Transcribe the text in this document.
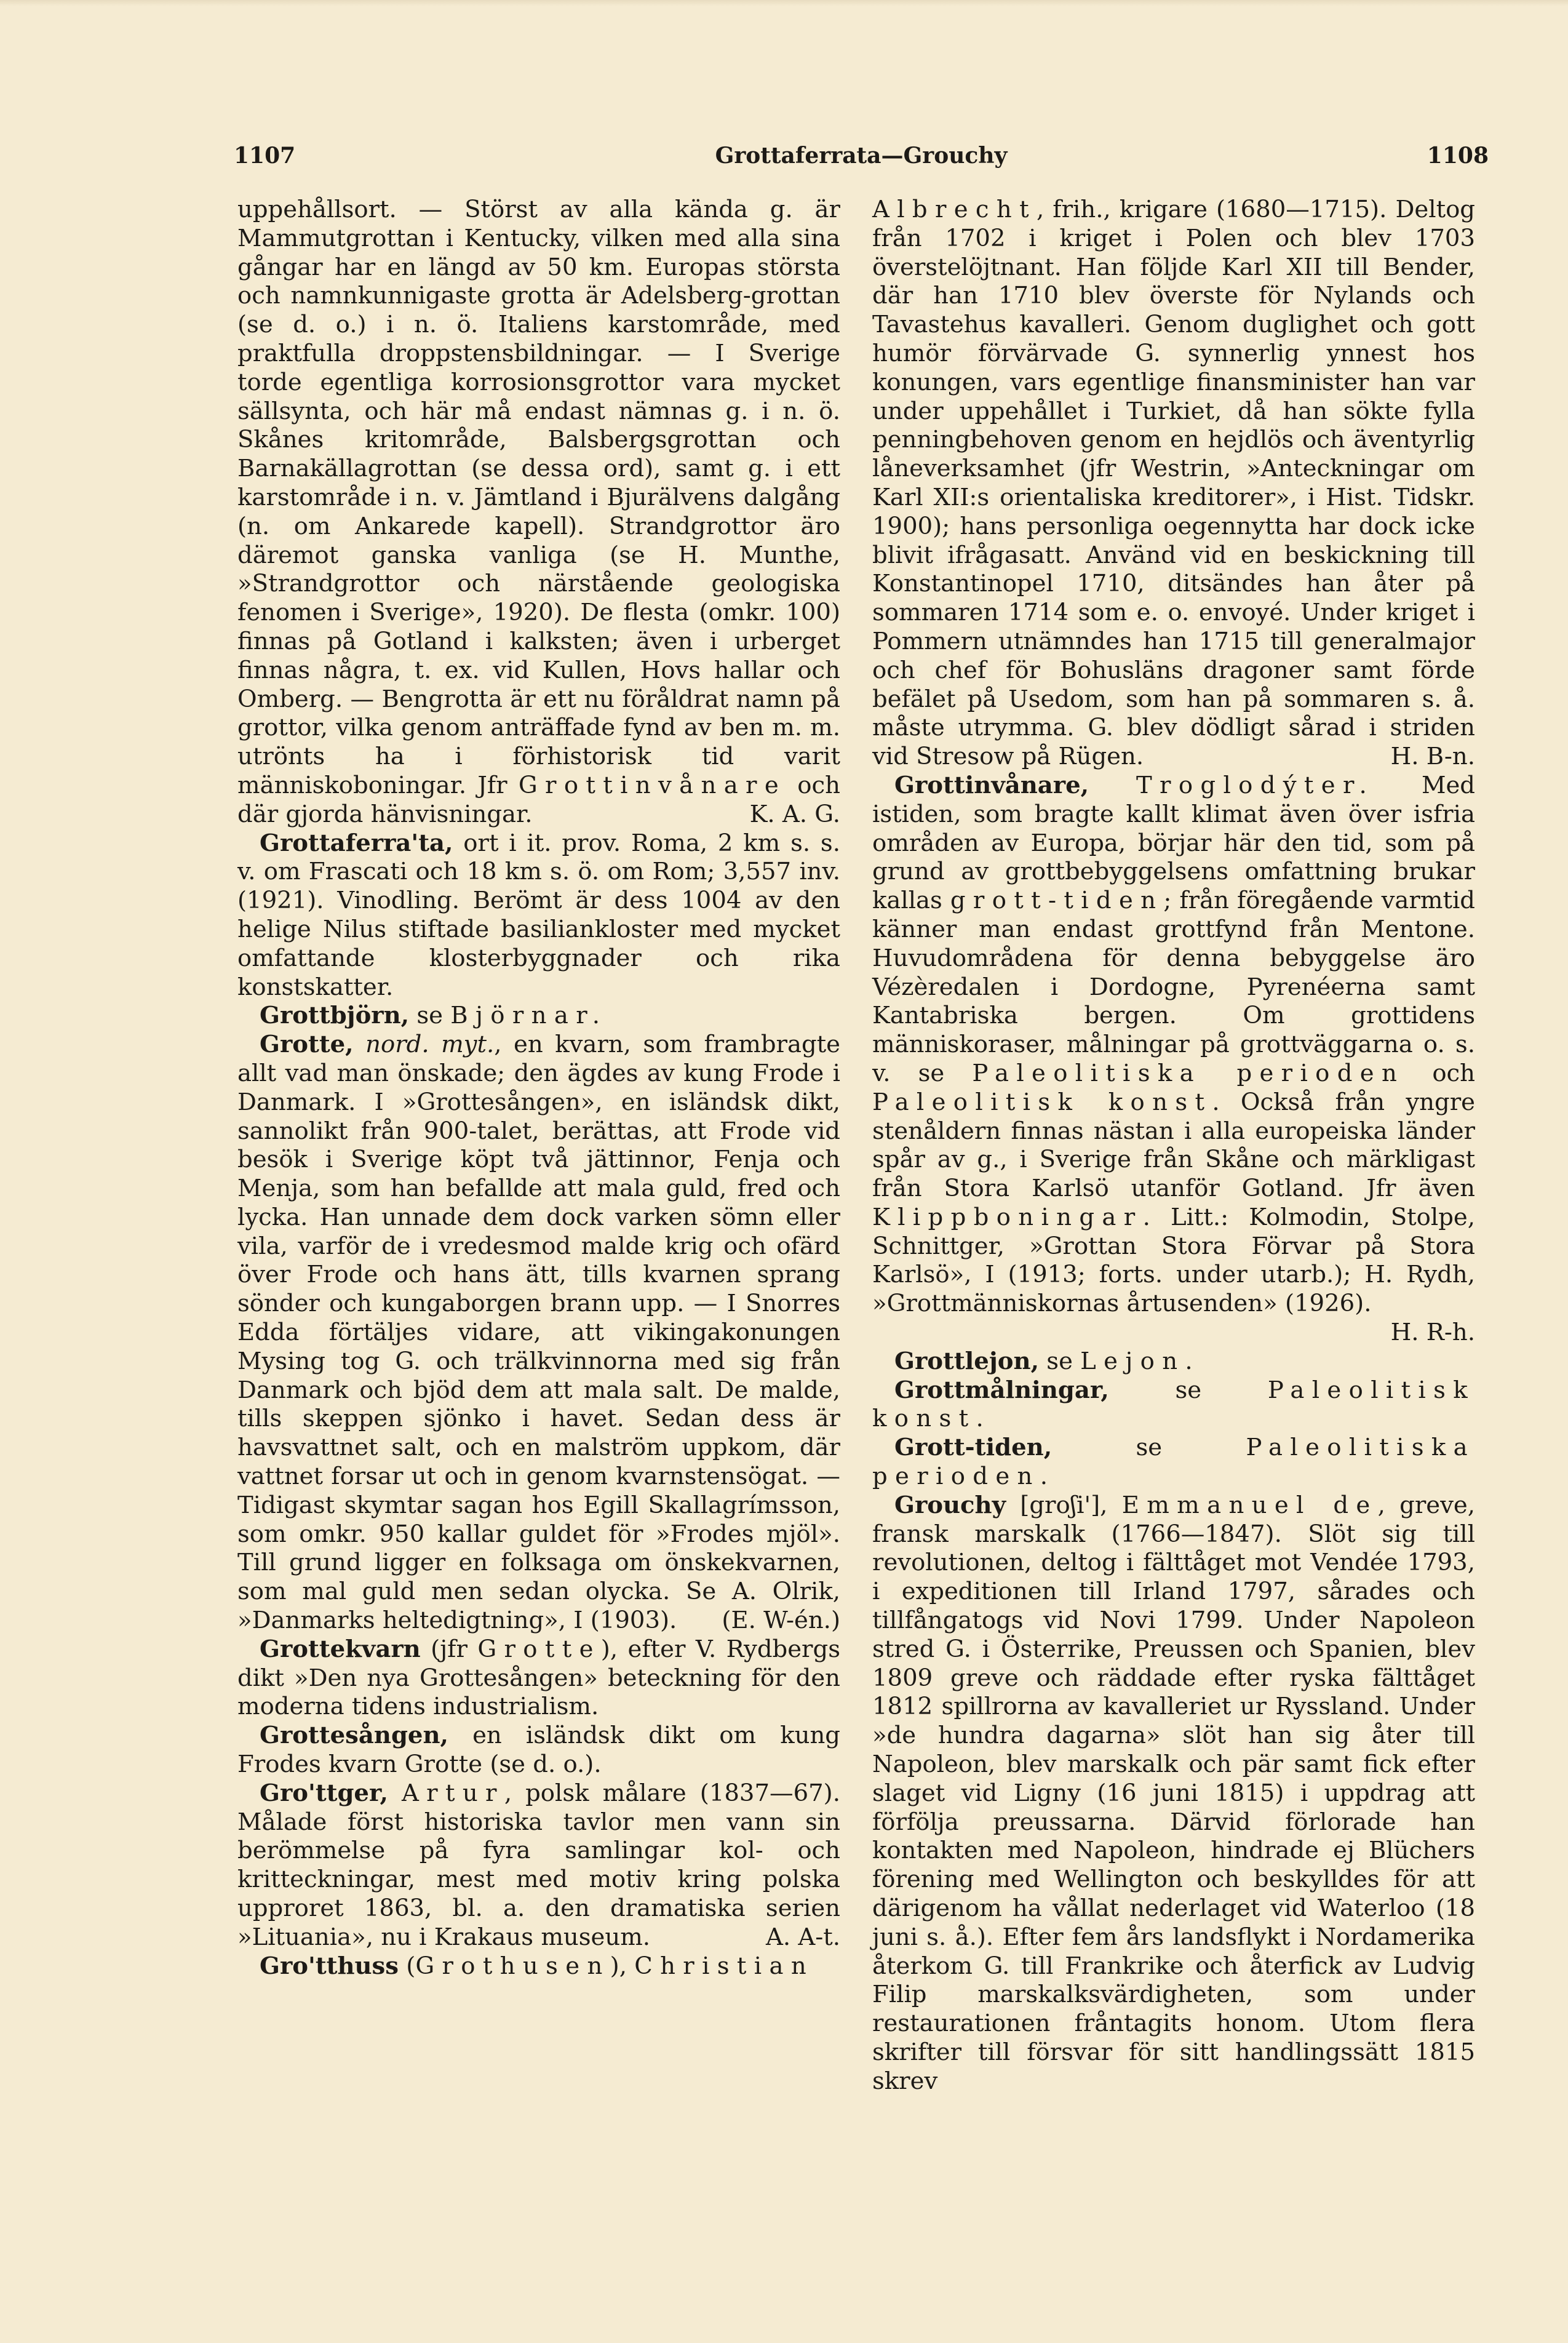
1107	Grottaferrata—Grouchy	1108

uppehållsort. — Störst av alla kända g. är Mammutgrottan i Kentucky, vilken med alla sina gångar har en längd av 50 km. Europas största och namnkunnigaste grotta är Adelsberg-grottan (se d. o.) i n. ö. Italiens karstområde, med praktfulla droppstensbildningar. — I Sverige torde egentliga korrosionsgrottor vara mycket sällsynta, och här må endast nämnas g. i n. ö. Skånes kritområde, Balsbergsgrottan och Barnakällagrottan (se dessa ord), samt g. i ett karstområde i n. v. Jämtland i Bjurälvens dalgång (n. om Ankarede kapell). Strandgrottor äro däremot ganska vanliga (se H. Munthe, »Strandgrottor och närstående geologiska fenomen i Sverige», 1920). De flesta (omkr. 100) finnas på Gotland i kalksten; även i urberget finnas några, t. ex. vid Kullen, Hovs hallar och Omberg. — Bengrotta är ett nu föråldrat namn på grottor, vilka genom anträffade fynd av ben m. m. utrönts ha i förhistorisk tid varit människoboningar. Jfr Grottinvånare och där gjorda hänvisningar.	K. A. G.

Grottaferra'ta, ort i it. prov. Roma, 2 km s. s. v. om Frascati och 18 km s. ö. om Rom; 3,557 inv. (1921). Vinodling. Berömt är dess 1004 av den helige Nilus stiftade basiliankloster med mycket omfattande klosterbyggnader och rika konstskatter.

Grottbjörn, se Björnar.

Grotte, nord. myt., en kvarn, som frambragte allt vad man önskade; den ägdes av kung Frode i Danmark. I »Grottesången», en isländsk dikt, sannolikt från 900-talet, berättas, att Frode vid besök i Sverige köpt två jättinnor, Fenja och Menja, som han befallde att mala guld, fred och lycka. Han unnade dem dock varken sömn eller vila, varför de i vredesmod malde krig och ofärd över Frode och hans ätt, tills kvarnen sprang sönder och kungaborgen brann upp. — I Snorres Edda förtäljes vidare, att vikingakonungen Mysing tog G. och trälkvinnorna med sig från Danmark och bjöd dem att mala salt. De malde, tills skeppen sjönko i havet. Sedan dess är havsvattnet salt, och en malström uppkom, där vattnet forsar ut och in genom kvarnstensögat. — Tidigast skymtar sagan hos Egill Skallagrímsson, som omkr. 950 kallar guldet för »Frodes mjöl». Till grund ligger en folksaga om önskekvarnen, som mal guld men sedan olycka. Se A. Olrik, »Danmarks heltedigtning», I (1903).	(E. W-én.)

Grottekvarn (jfr Grotte), efter V. Rydbergs dikt »Den nya Grottesången» beteckning för den moderna tidens industrialism.

Grottesången, en isländsk dikt om kung Frodes kvarn Grotte (se d. o.).

Gro'ttger, Artur, polsk målare (1837—67). Målade först historiska tavlor men vann sin berömmelse på fyra samlingar kol- och kritteckningar, mest med motiv kring polska upproret 1863, bl. a. den dramatiska serien »Lituania», nu i Krakaus museum.	A. A-t.

Gro'tthuss (Grothusen), Christian

Albrecht, frih., krigare (1680—1715). Deltog från 1702 i kriget i Polen och blev 1703 överstelöjtnant. Han följde Karl XII till Bender, där han 1710 blev överste för Nylands och Tavastehus kavalleri. Genom duglighet och gott humör förvärvade G. synnerlig ynnest hos konungen, vars egentlige finansminister han var under uppehållet i Turkiet, då han sökte fylla penningbehoven genom en hejdlös och äventyrlig låneverksamhet (jfr Westrin, »Anteckningar om Karl XII:s orientaliska kreditorer», i Hist. Tidskr. 1900); hans personliga oegennytta har dock icke blivit ifrågasatt. Använd vid en beskickning till Konstantinopel 1710, ditsändes han åter på sommaren 1714 som e. o. envoyé. Under kriget i Pommern utnämndes han 1715 till generalmajor och chef för Bohusläns dragoner samt förde befälet på Usedom, som han på sommaren s. å. måste utrymma. G. blev dödligt sårad i striden vid Stresow på Rügen.	H. B-n.

Grottinvånare, Troglodýter. Med istiden, som bragte kallt klimat även över isfria områden av Europa, börjar här den tid, som på grund av grottbebyggelsens omfattning brukar kallas grott-tiden; från föregående varmtid känner man endast grottfynd från Mentone. Huvudområdena för denna bebyggelse äro Vézèredalen i Dordogne, Pyrenéerna samt Kantabriska bergen. Om grottidens människoraser, målningar på grottväggarna o. s. v. se Paleolitiska perioden och Paleolitisk konst. Också från yngre stenåldern finnas nästan i alla europeiska länder spår av g., i Sverige från Skåne och märkligast från Stora Karlsö utanför Gotland. Jfr även Klippboningar. Litt.: Kolmodin, Stolpe, Schnittger, »Grottan Stora Förvar på Stora Karlsö», I (1913; forts. under utarb.); H. Rydh, »Grottmänniskornas årtusenden» (1926).
H. R-h.

Grottlejon, se Lejon.

Grottmålningar, se Paleolitisk konst.

Grott-tiden, se Paleolitiska perioden.

Grouchy [groʃi'], Emmanuel de, greve, fransk marskalk (1766—1847). Slöt sig till revolutionen, deltog i fälttåget mot Vendée 1793, i expeditionen till Irland 1797, sårades och tillfångatogs vid Novi 1799. Under Napoleon stred G. i Österrike, Preussen och Spanien, blev 1809 greve och räddade efter ryska fälttåget 1812 spillrorna av kavalleriet ur Ryssland. Under »de hundra dagarna» slöt han sig åter till Napoleon, blev marskalk och pär samt fick efter slaget vid Ligny (16 juni 1815) i uppdrag att förfölja preussarna. Därvid förlorade han kontakten med Napoleon, hindrade ej Blüchers förening med Wellington och beskylldes för att därigenom ha vållat nederlaget vid Waterloo (18 juni s. å.). Efter fem års landsflykt i Nordamerika återkom G. till Frankrike och återfick av Ludvig Filip marskalksvärdigheten, som under restaurationen fråntagits honom. Utom flera skrifter till försvar för sitt handlingssätt 1815 skrev
